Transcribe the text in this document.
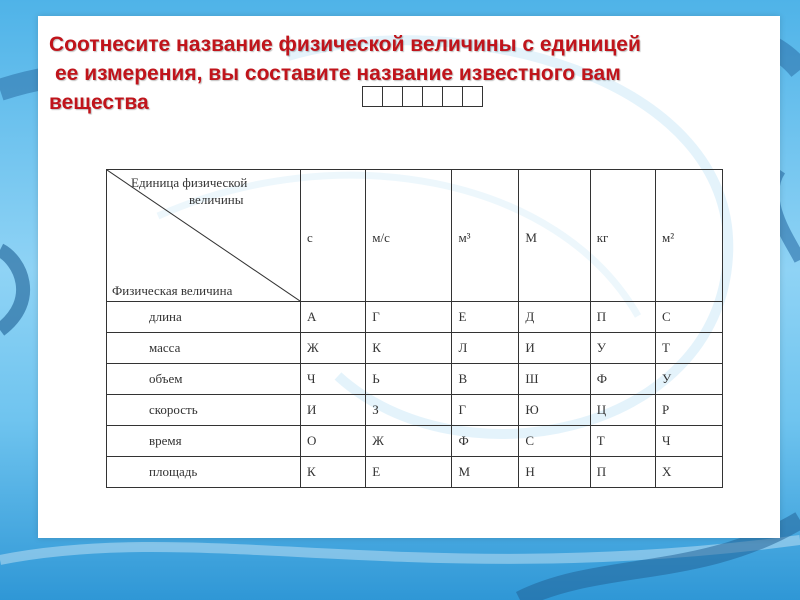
Соотнесите название физической величины с единицей
ее измерения, вы составите название известного вам
вещества
Единица физической
величины
Физическая величина	с	м/с	м³	М	кг	м²
длина	А	Г	Е	Д	П	С
масса	Ж	К	Л	И	У	Т
объем	Ч	Ь	В	Ш	Ф	У
скорость	И	З	Г	Ю	Ц	Р
время	О	Ж	Ф	С	Т	Ч
площадь	К	Е	М	Н	П	Х
